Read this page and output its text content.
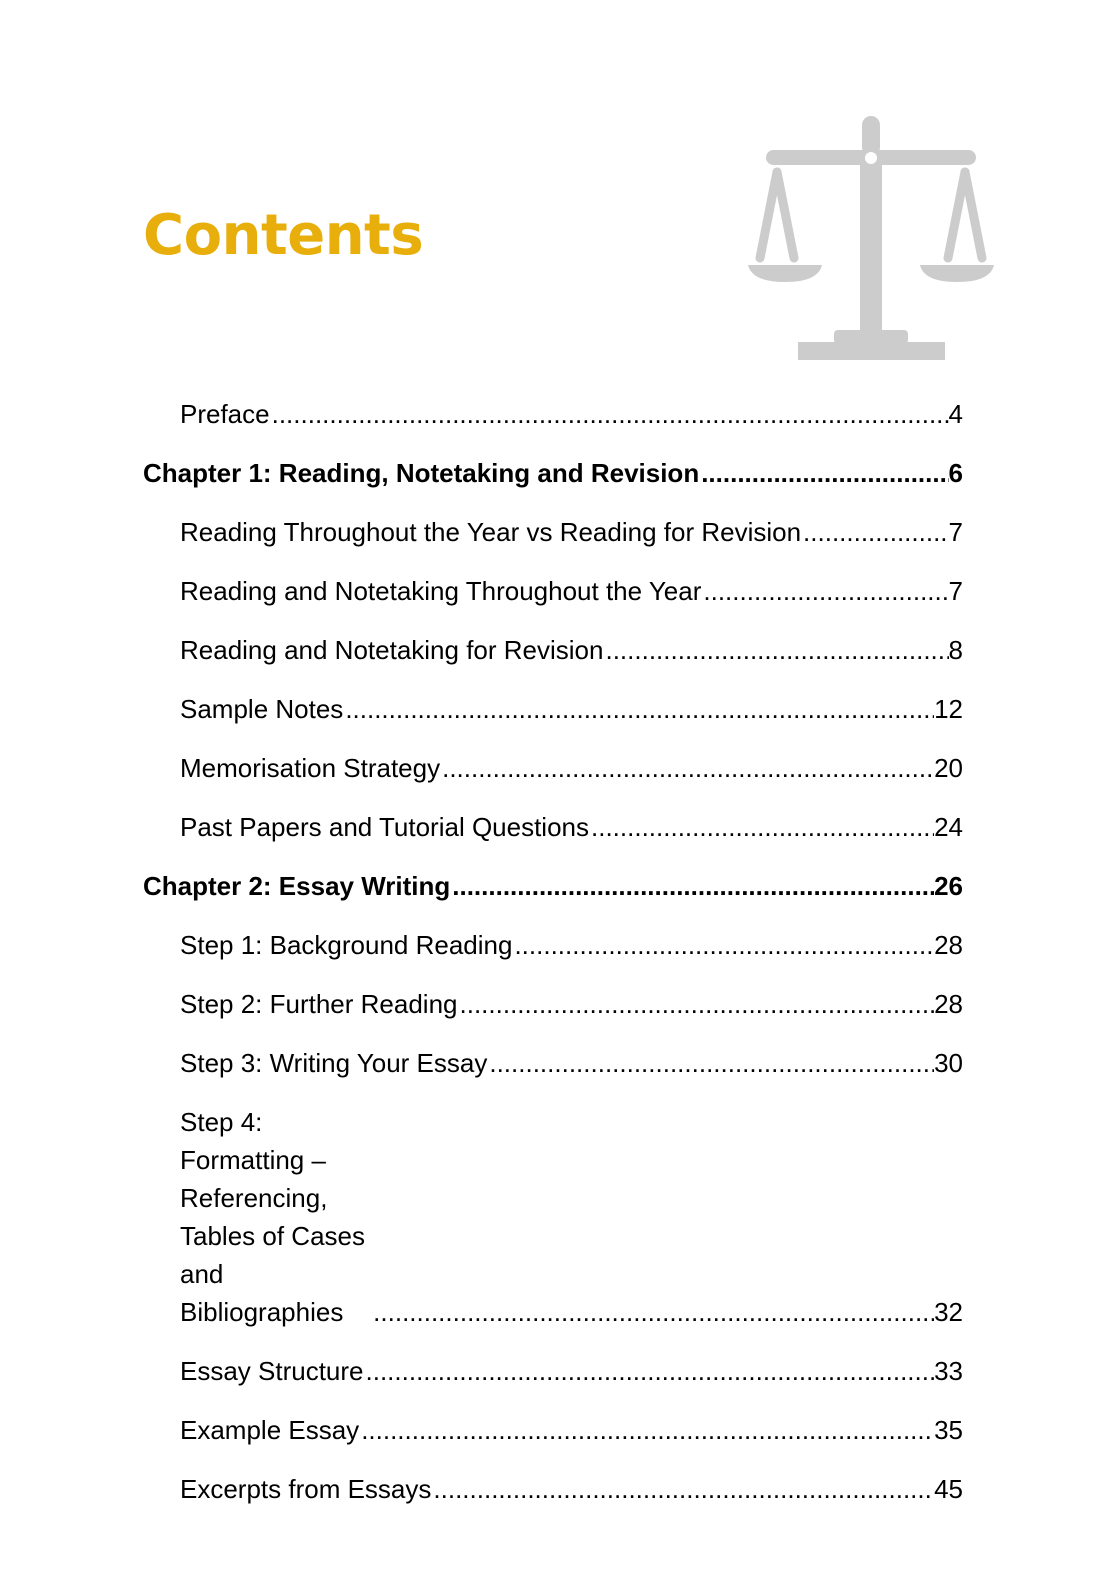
Contents
Preface .....	4
Chapter 1: Reading, Notetaking and Revision .....	6
Reading Throughout the Year vs Reading for Revision .....	7
Reading and Notetaking Throughout the Year .....	7
Reading and Notetaking for Revision .....	8
Sample Notes .....	12
Memorisation Strategy .....	20
Past Papers and Tutorial Questions .....	24
Chapter 2: Essay Writing .....	26
Step 1: Background Reading .....	28
Step 2: Further Reading .....	28
Step 3: Writing Your Essay .....	30
Step 4: Formatting – Referencing, Tables of Cases and
Bibliographies .....	32
Essay Structure .....	33
Example Essay .....	35
Excerpts from Essays .....	45
